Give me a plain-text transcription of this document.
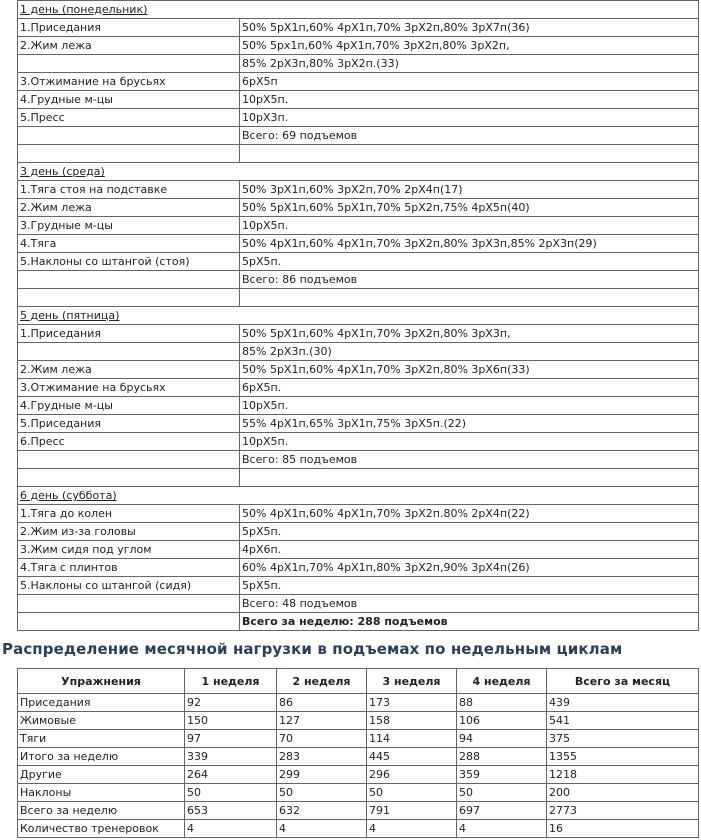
1 день (понедельник)	
1.Приседания	50% 5рХ1п,60% 4рХ1п,70% 3рХ2п,80% 3рХ7п(36)
2.Жим лежа	50% 5рх1п,60% 4рХ1п,70% 3рХ2п,80% 3рХ2п,
	85% 2рХ3п,80% 3рХ2п.(33)
3.Отжимание на брусьях	6рХ5п
4.Грудные м-цы	10рХ5п.
5.Пресс	10рХ3п.
	Всего: 69 подъемов

3 день (среда)	
1.Тяга стоя на подставке	50% 3рХ1п,60% 3рХ2п,70% 2рХ4п(17)
2.Жим лежа	50% 5рХ1п,60% 5рХ1п,70% 5рХ2п,75% 4рХ5п(40)
3.Грудные м-цы	10рХ5п.
4.Тяга	50% 4рХ1п,60% 4рХ1п,70% 3рХ2п,80% 3рХ3п,85% 2рХ3п(29)
5.Наклоны со штангой (стоя)	5рХ5п.
	Всего: 86 подъемов

5 день (пятница)	
1.Приседания	50% 5рХ1п,60% 4рХ1п,70% 3рХ2п,80% 3рХ3п,
	85% 2рХ3п.(30)
2.Жим лежа	50% 5рХ1п,60% 4рХ1п,70% 3рХ2п,80% 3рХ6п(33)
3.Отжимание на брусьях	6рХ5п.
4.Грудные м-цы	10рХ5п.
5.Приседания	55% 4рХ1п,65% 3рХ1п,75% 3рХ5п.(22)
6.Пресс	10рХ5п.
	Всего: 85 подъемов

6 день (суббота)	
1.Тяга до колен	50% 4рХ1п,60% 4рХ1п,70% 3рХ2п.80% 2рХ4п(22)
2.Жим из-за головы	5рХ5п.
3.Жим сидя под углом	4рХ6п.
4.Тяга с плинтов	60% 4рХ1п,70% 4рХ1п,80% 3рХ2п,90% 3рХ4п(26)
5.Наклоны со штангой (сидя)	5рХ5п.
	Всего: 48 подъемов
	Всего за неделю: 288 подъемов
Распределение месячной нагрузки в подъемах по недельным циклам
Упражнения	1 неделя	2 неделя	3 неделя	4 неделя	Всего за месяц
Приседания	92	86	173	88	439
Жимовые	150	127	158	106	541
Тяги	97	70	114	94	375
Итого за неделю	339	283	445	288	1355
Другие	264	299	296	359	1218
Наклоны	50	50	50	50	200
Всего за неделю	653	632	791	697	2773
Количество тренеровок	4	4	4	4	16
